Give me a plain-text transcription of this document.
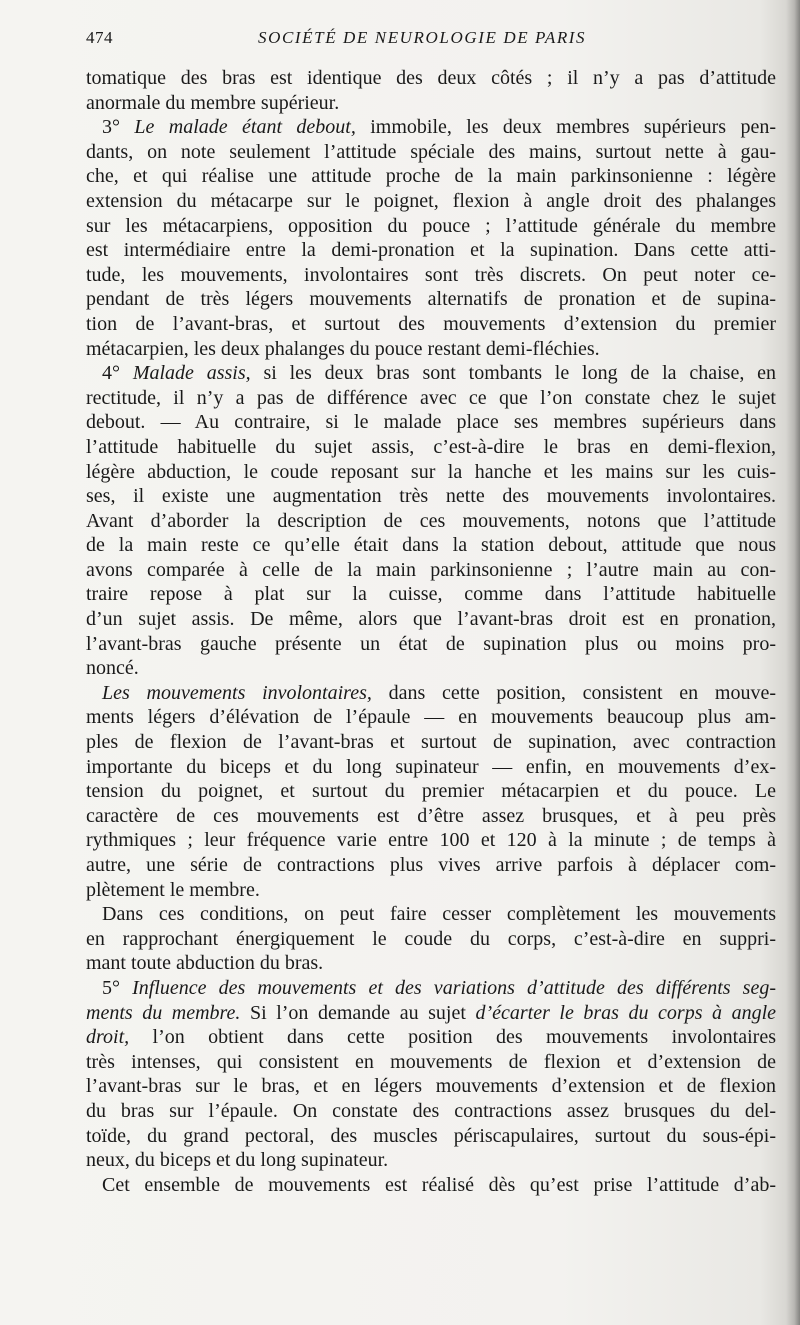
474	SOCIÉTÉ DE NEUROLOGIE DE PARIS

tomatique des bras est identique des deux côtés ; il n’y a pas d’attitude

anormale du membre supérieur.

3° Le malade étant debout, immobile, les deux membres supérieurs pen-

dants, on note seulement l’attitude spéciale des mains, surtout nette à gau-

che, et qui réalise une attitude proche de la main parkinsonienne : légère

extension du métacarpe sur le poignet, flexion à angle droit des phalanges

sur les métacarpiens, opposition du pouce ; l’attitude générale du membre

est intermédiaire entre la demi-pronation et la supination. Dans cette atti-

tude, les mouvements, involontaires sont très discrets. On peut noter ce-

pendant de très légers mouvements alternatifs de pronation et de supina-

tion de l’avant-bras, et surtout des mouvements d’extension du premier

métacarpien, les deux phalanges du pouce restant demi-fléchies.

4° Malade assis, si les deux bras sont tombants le long de la chaise, en

rectitude, il n’y a pas de différence avec ce que l’on constate chez le sujet

debout. — Au contraire, si le malade place ses membres supérieurs dans

l’attitude habituelle du sujet assis, c’est-à-dire le bras en demi-flexion,

légère abduction, le coude reposant sur la hanche et les mains sur les cuis-

ses, il existe une augmentation très nette des mouvements involontaires.

Avant d’aborder la description de ces mouvements, notons que l’attitude

de la main reste ce qu’elle était dans la station debout, attitude que nous

avons comparée à celle de la main parkinsonienne ; l’autre main au con-

traire repose à plat sur la cuisse, comme dans l’attitude habituelle

d’un sujet assis. De même, alors que l’avant-bras droit est en pronation,

l’avant-bras gauche présente un état de supination plus ou moins pro-

noncé.

Les mouvements involontaires, dans cette position, consistent en mouve-

ments légers d’élévation de l’épaule — en mouvements beaucoup plus am-

ples de flexion de l’avant-bras et surtout de supination, avec contraction

importante du biceps et du long supinateur — enfin, en mouvements d’ex-

tension du poignet, et surtout du premier métacarpien et du pouce. Le

caractère de ces mouvements est d’être assez brusques, et à peu près

rythmiques ; leur fréquence varie entre 100 et 120 à la minute ; de temps à

autre, une série de contractions plus vives arrive parfois à déplacer com-

plètement le membre.

Dans ces conditions, on peut faire cesser complètement les mouvements

en rapprochant énergiquement le coude du corps, c’est-à-dire en suppri-

mant toute abduction du bras.

5° Influence des mouvements et des variations d’attitude des différents seg-

ments du membre. Si l’on demande au sujet d’écarter le bras du corps à angle

droit, l’on obtient dans cette position des mouvements involontaires

très intenses, qui consistent en mouvements de flexion et d’extension de

l’avant-bras sur le bras, et en légers mouvements d’extension et de flexion

du bras sur l’épaule. On constate des contractions assez brusques du del-

toïde, du grand pectoral, des muscles périscapulaires, surtout du sous-épi-

neux, du biceps et du long supinateur.

Cet ensemble de mouvements est réalisé dès qu’est prise l’attitude d’ab-
